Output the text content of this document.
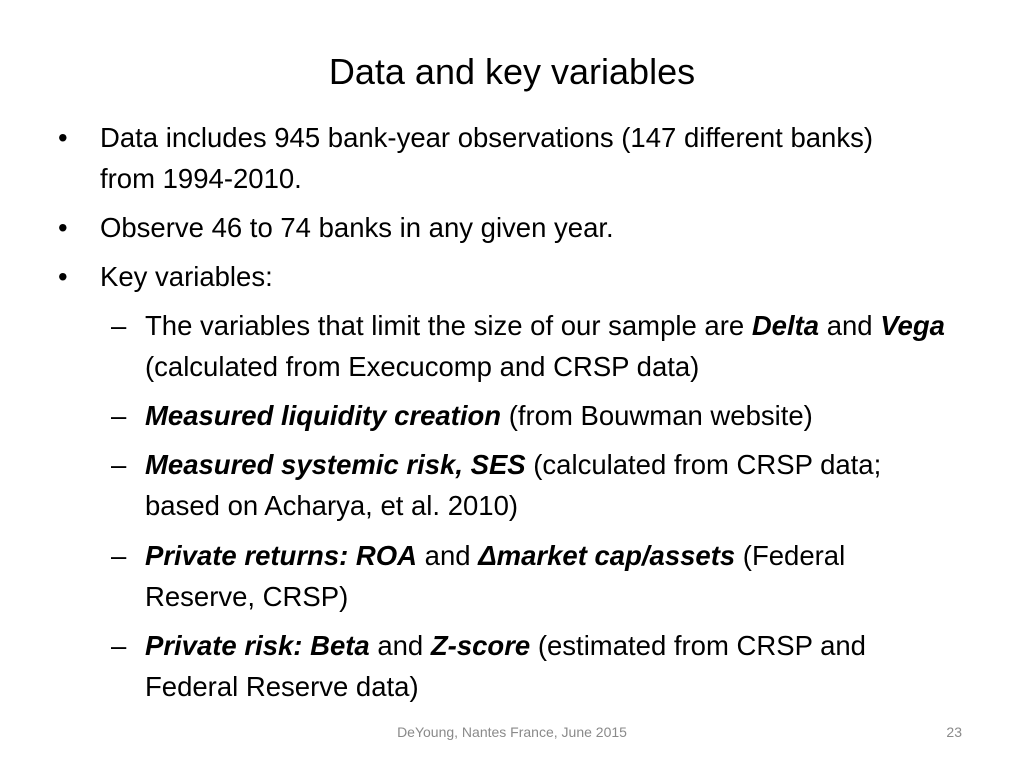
Data and key variables
• Data includes 945 bank-year observations (147 different banks) from 1994-2010.
• Observe 46 to 74 banks in any given year.
• Key variables:
– The variables that limit the size of our sample are Delta and Vega (calculated from Execucomp and CRSP data)
– Measured liquidity creation (from Bouwman website)
– Measured systemic risk, SES (calculated from CRSP data; based on Acharya, et al. 2010)
– Private returns: ROA and Δmarket cap/assets (Federal Reserve, CRSP)
– Private risk: Beta and Z-score (estimated from CRSP and Federal Reserve data)
DeYoung, Nantes France, June 2015	23
